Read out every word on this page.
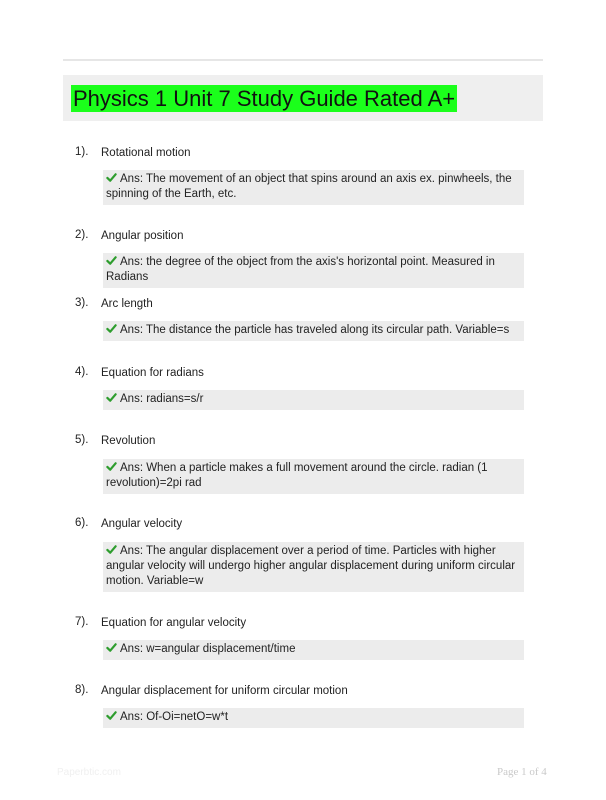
Physics 1 Unit 7 Study Guide Rated A+
1). Rotational motion
Ans: The movement of an object that spins around an axis ex. pinwheels, the spinning of the Earth, etc.
2). Angular position
Ans: the degree of the object from the axis's horizontal point. Measured in Radians
3). Arc length
Ans: The distance the particle has traveled along its circular path. Variable=s
4). Equation for radians
Ans: radians=s/r
5). Revolution
Ans: When a particle makes a full movement around the circle. radian (1 revolution)=2pi rad
6). Angular velocity
Ans: The angular displacement over a period of time. Particles with higher angular velocity will undergo higher angular displacement during uniform circular motion. Variable=w
7). Equation for angular velocity
Ans: w=angular displacement/time
8). Angular displacement for uniform circular motion
Ans: Of-Oi=netO=w*t
Paperbtic.com	Page 1 of 4
